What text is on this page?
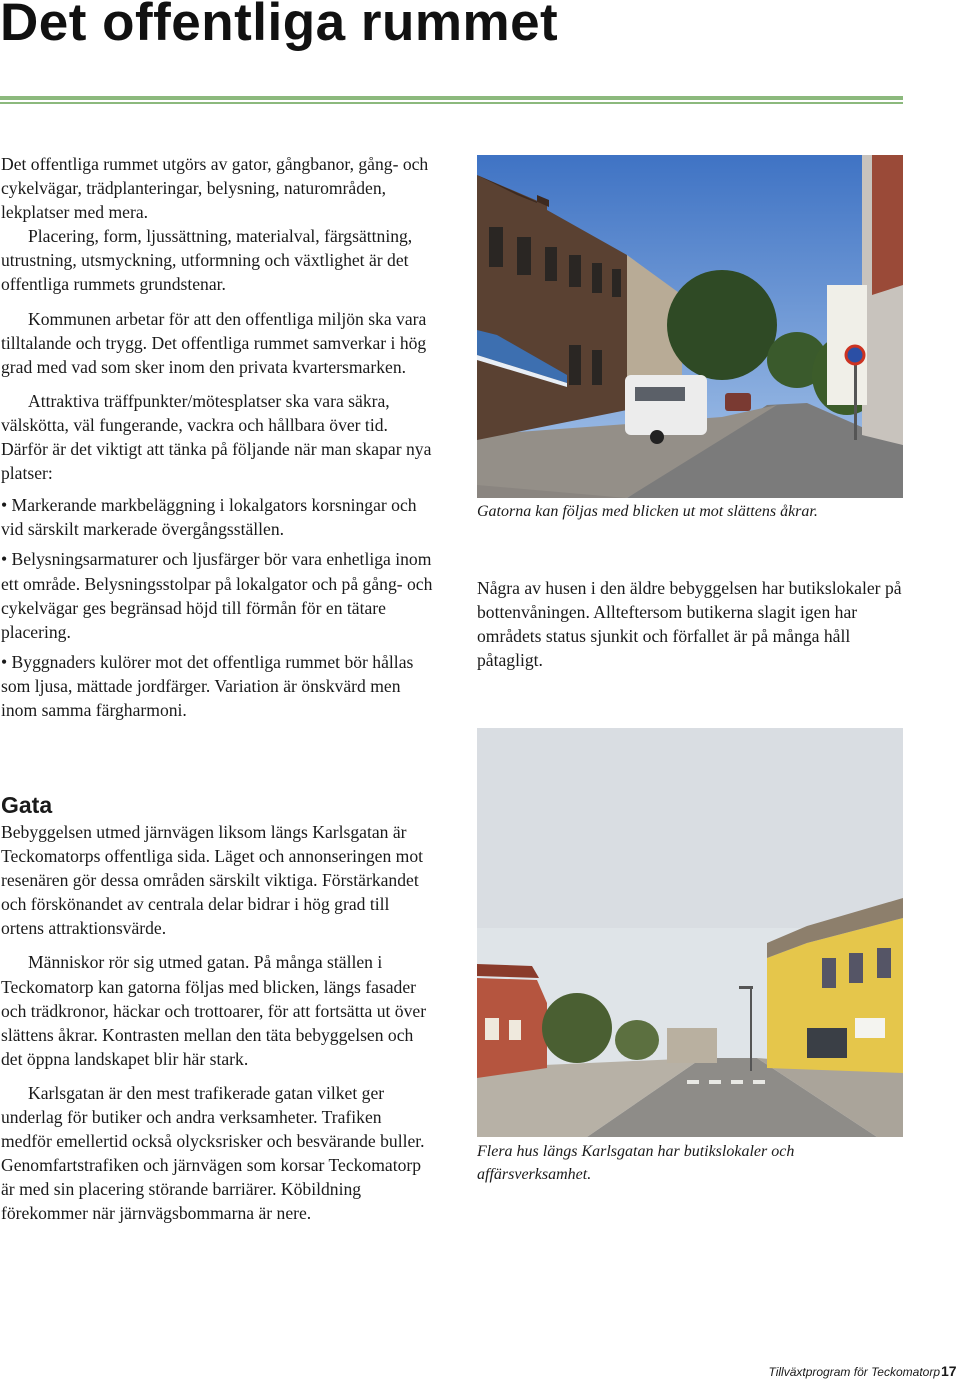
Det offentliga rummet

Det offentliga rummet utgörs av gator, gångbanor, gång- och cykelvägar, trädplanteringar, belysning, naturområden, lekplatser med mera.

Placering, form, ljussättning, materialval, färgsättning, utrustning, utsmyckning, utformning och växtlighet är det offentliga rummets grundstenar.

Kommunen arbetar för att den offentliga miljön ska vara tilltalande och trygg. Det offentliga rummet samverkar i hög grad med vad som sker inom den privata kvartersmarken.

Attraktiva träffpunkter/mötesplatser ska vara säkra, välskötta, väl fungerande, vackra och hållbara över tid. Därför är det viktigt att tänka på följande när man skapar nya platser:

• Markerande markbeläggning i lokalgators korsningar och vid särskilt markerade övergångsställen.

• Belysningsarmaturer och ljusfärger bör vara enhetliga inom ett område. Belysningsstolpar på lokalgator och på gång- och cykelvägar ges begränsad höjd till förmån för en tätare placering.

• Byggnaders kulörer mot det offentliga rummet bör hållas som ljusa, mättade jordfärger. Variation är önskvärd men inom samma färgharmoni.

Gata

Bebyggelsen utmed järnvägen liksom längs Karlsgatan är Teckomatorps offentliga sida. Läget och annonseringen mot resenären gör dessa områden särskilt viktiga. Förstärkandet och förskönandet av centrala delar bidrar i hög grad till ortens attraktionsvärde.

Människor rör sig utmed gatan. På många ställen i Teckomatorp kan gatorna följas med blicken, längs fasader och trädkronor, häckar och trottoarer, för att fortsätta ut över slättens åkrar. Kontrasten mellan den täta bebyggelsen och det öppna landskapet blir här stark.

Karlsgatan är den mest trafikerade gatan vilket ger underlag för butiker och andra verksamheter. Trafiken medför emellertid också olycksrisker och besvärande buller. Genomfartstrafiken och järnvägen som korsar Teckomatorp är med sin placering störande barriärer. Köbildning förekommer när järnvägsbommarna är nere.

Gatorna kan följas med blicken ut mot slättens åkrar.

Några av husen i den äldre bebyggelsen har butikslokaler på bottenvåningen. Allteftersom butikerna slagit igen har områdets status sjunkit och förfallet är på många håll påtagligt.

Flera hus längs Karlsgatan har butikslokaler och affärsverksamhet.

Tillväxtprogram för Teckomatorp 17
